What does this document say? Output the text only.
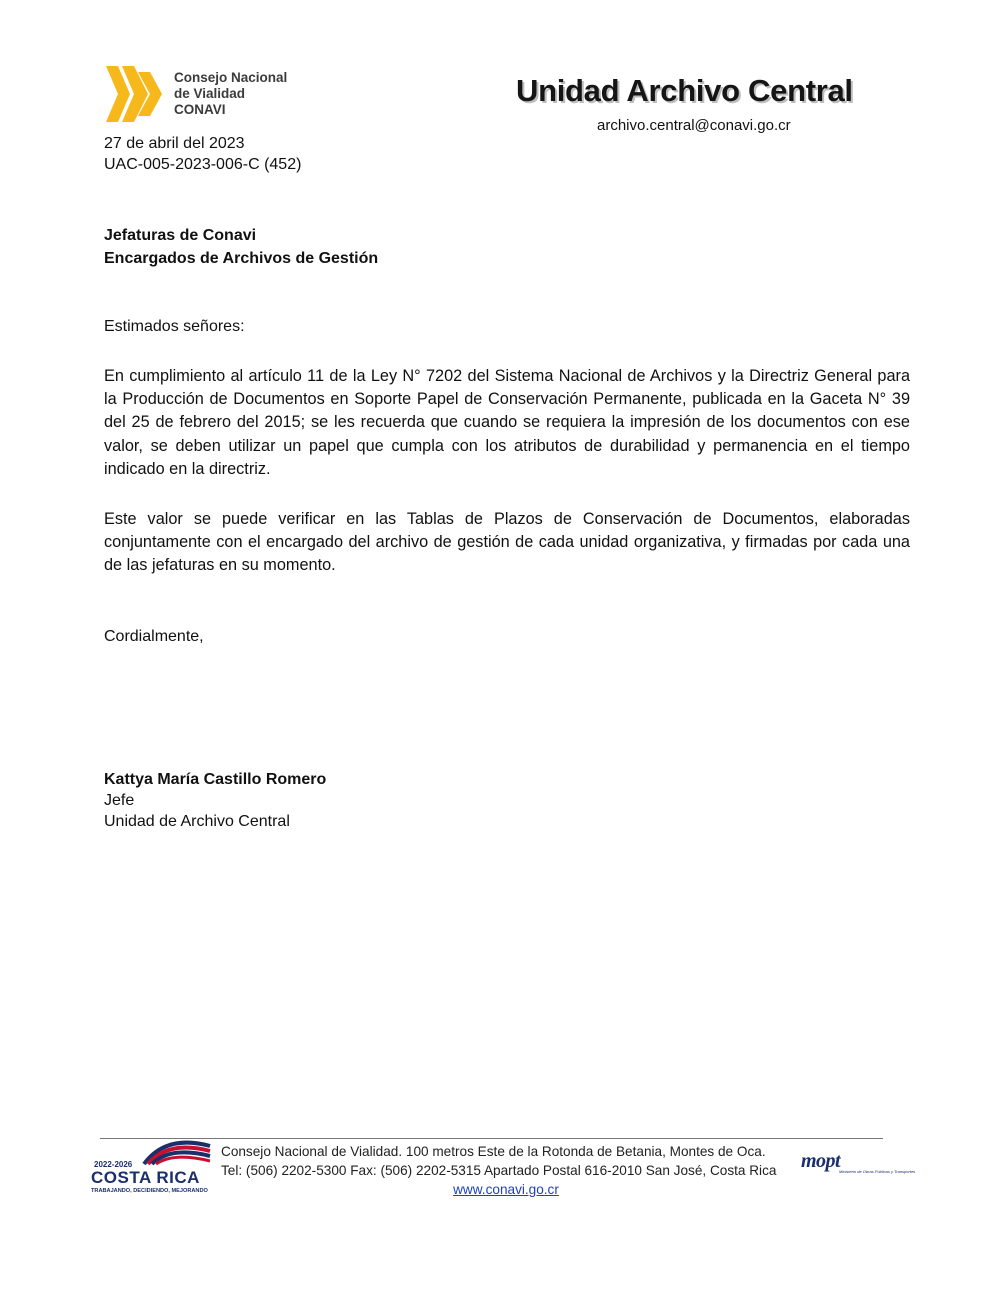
Consejo Nacional
de Vialidad
CONAVI
Unidad Archivo Central
archivo.central@conavi.go.cr
27 de abril del 2023
UAC-005-2023-006-C (452)
Jefaturas de Conavi
Encargados de Archivos de Gestión
Estimados señores:

En cumplimiento al artículo 11 de la Ley N° 7202 del Sistema Nacional de Archivos y la Directriz General para la Producción de Documentos en Soporte Papel de Conservación Permanente, publicada en la Gaceta N° 39 del 25 de febrero del 2015; se les recuerda que cuando se requiera la impresión de los documentos con ese valor, se deben utilizar un papel que cumpla con los atributos de durabilidad y permanencia en el tiempo indicado en la directriz.

Este valor se puede verificar en las Tablas de Plazos de Conservación de Documentos, elaboradas conjuntamente con el encargado del archivo de gestión de cada unidad organizativa, y firmadas por cada una de las jefaturas en su momento.

Cordialmente,
Kattya María Castillo Romero
Jefe
Unidad de Archivo Central
2022-2026
COSTA RICA
TRABAJANDO, DECIDIENDO, MEJORANDO
Consejo Nacional de Vialidad. 100 metros Este de la Rotonda de Betania, Montes de Oca.
Tel: (506) 2202-5300 Fax: (506) 2202-5315 Apartado Postal 616-2010 San José, Costa Rica
www.conavi.go.cr
mopt
Ministerio de Obras Públicas y Transportes
